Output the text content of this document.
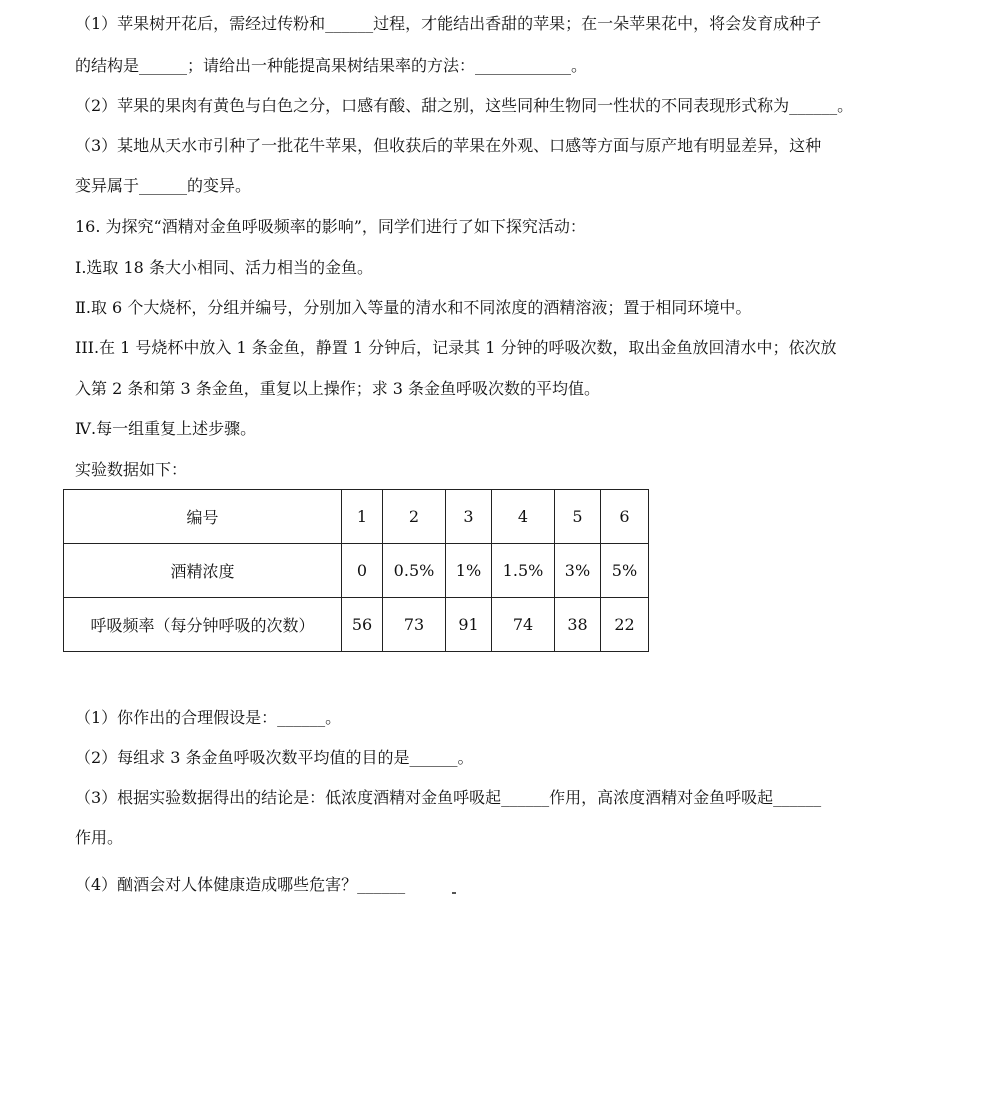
（1）苹果树开花后，需经过传粉和______过程，才能结出香甜的苹果；在一朵苹果花中，将会发育成种子
的结构是______；请给出一种能提高果树结果率的方法：____________。
（2）苹果的果肉有黄色与白色之分，口感有酸、甜之别，这些同种生物同一性状的不同表现形式称为______。
（3）某地从天水市引种了一批花牛苹果，但收获后的苹果在外观、口感等方面与原产地有明显差异，这种
变异属于______的变异。
16. 为探究“酒精对金鱼呼吸频率的影响”，同学们进行了如下探究活动：
Ⅰ.选取 18 条大小相同、活力相当的金鱼。
Ⅱ.取 6 个大烧杯，分组并编号，分别加入等量的清水和不同浓度的酒精溶液；置于相同环境中。
III.在 1 号烧杯中放入 1 条金鱼，静置 1 分钟后，记录其 1 分钟的呼吸次数，取出金鱼放回清水中；依次放
入第 2 条和第 3 条金鱼，重复以上操作；求 3 条金鱼呼吸次数的平均值。
Ⅳ.每一组重复上述步骤。
实验数据如下：
编号	1	2	3	4	5	6
酒精浓度	0	0.5%	1%	1.5%	3%	5%
呼吸频率（每分钟呼吸的次数）	56	73	91	74	38	22
（1）你作出的合理假设是：______。
（2）每组求 3 条金鱼呼吸次数平均值的目的是______。
（3）根据实验数据得出的结论是：低浓度酒精对金鱼呼吸起______作用，高浓度酒精对金鱼呼吸起______
作用。
（4）酗酒会对人体健康造成哪些危害？______
